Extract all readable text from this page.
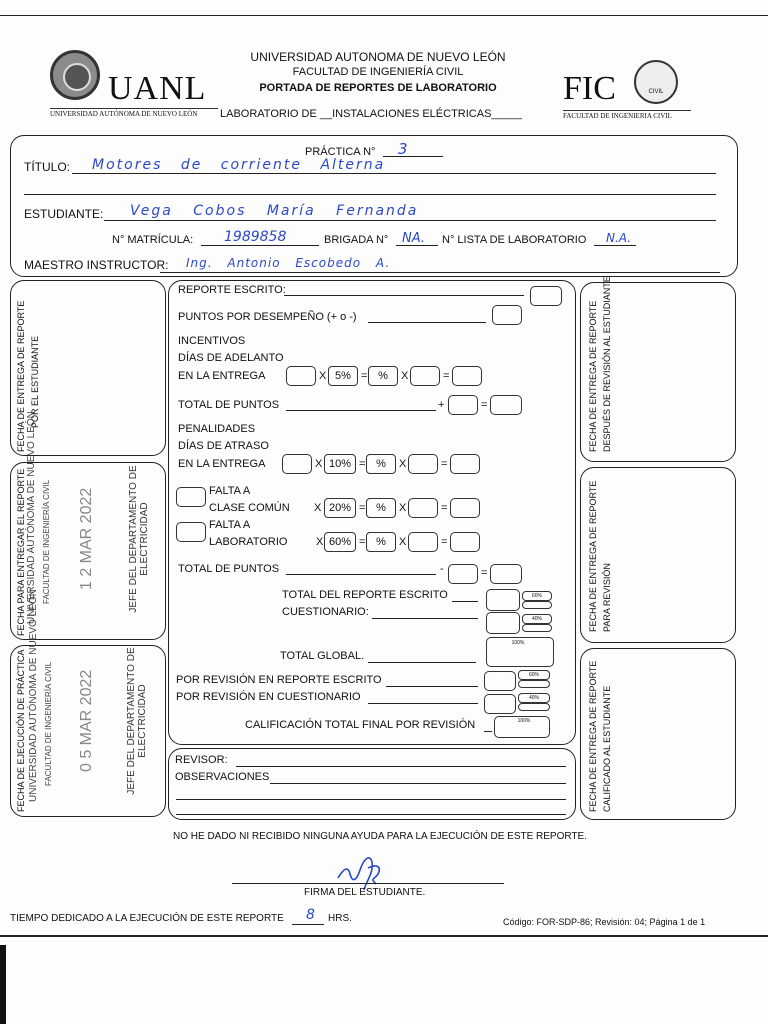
UANL
UNIVERSIDAD AUTÓNOMA DE NUEVO LEÓN
UNIVERSIDAD AUTONOMA DE NUEVO LEÓN
FACULTAD DE INGENIERÍA CIVIL
PORTADA DE REPORTES DE LABORATORIO
LABORATORIO DE __INSTALACIONES ELÉCTRICAS_____
FIC	CIVIL
FACULTAD DE INGENIERIA CIVIL
PRÁCTICA N° 3
TÍTULO: Motores de corriente Alterna
ESTUDIANTE: Vega Cobos María Fernanda
N° MATRÍCULA: 1989858	BRIGADA N° NA. N° LISTA DE LABORATORIO N.A.
MAESTRO INSTRUCTOR: Ing. Antonio Escobedo A.
FECHA DE ENTREGA DE REPORTE POR EL ESTUDIANTE
FECHA PARA ENTREGAR EL REPORTE UNIVERSIDAD AUTÓNOMA DE NUEVO LEÓN FACULTAD DE INGENIERÍA CIVIL 1 2 MAR 2022	JEFE DEL DEPARTAMENTO DE ELECTRICIDAD
FECHA DE EJECUCIÓN DE PRÁCTICA UNIVERSIDAD AUTÓNOMA DE NUEVO LEÓN FACULTAD DE INGENIERÍA CIVIL 0 5 MAR 2022	JEFE DEL DEPARTAMENTO DE ELECTRICIDAD
FECHA DE ENTREGA DE REPORTE DESPUÉS DE REVISIÓN AL ESTUDIANTE
FECHA DE ENTREGA DE REPORTE PARA REVISIÓN
FECHA DE ENTREGA DE REPORTE CALIFICADO AL ESTUDIANTE
REPORTE ESCRITO:
PUNTOS POR DESEMPEÑO (+ o -)
INCENTIVOS
DÍAS DE ADELANTO
EN LA ENTREGA	X 5% = %	X	=
TOTAL DE PUNTOS	+	=
PENALIDADES
DÍAS DE ATRASO
EN LA ENTREGA	X 10% = %	X	=
FALTA A
CLASE COMÚN X 20% = %	X	=
FALTA A
LABORATORIO	X 60% = %	X	=
TOTAL DE PUNTOS	-	=
TOTAL DEL REPORTE ESCRITO	60%
CUESTIONARIO:
40%
100%
TOTAL GLOBAL.
POR REVISIÓN EN REPORTE ESCRITO	60%
POR REVISIÓN EN CUESTIONARIO	40%
CALIFICACIÓN TOTAL FINAL POR REVISIÓN	100%
REVISOR:
OBSERVACIONES
NO HE DADO NI RECIBIDO NINGUNA AYUDA PARA LA EJECUCIÓN DE ESTE REPORTE.
FIRMA DEL ESTUDIANTE.
TIEMPO DEDICADO A LA EJECUCIÓN DE ESTE REPORTE 8 HRS.	Código: FOR-SDP-86; Revisión: 04; Página 1 de 1
